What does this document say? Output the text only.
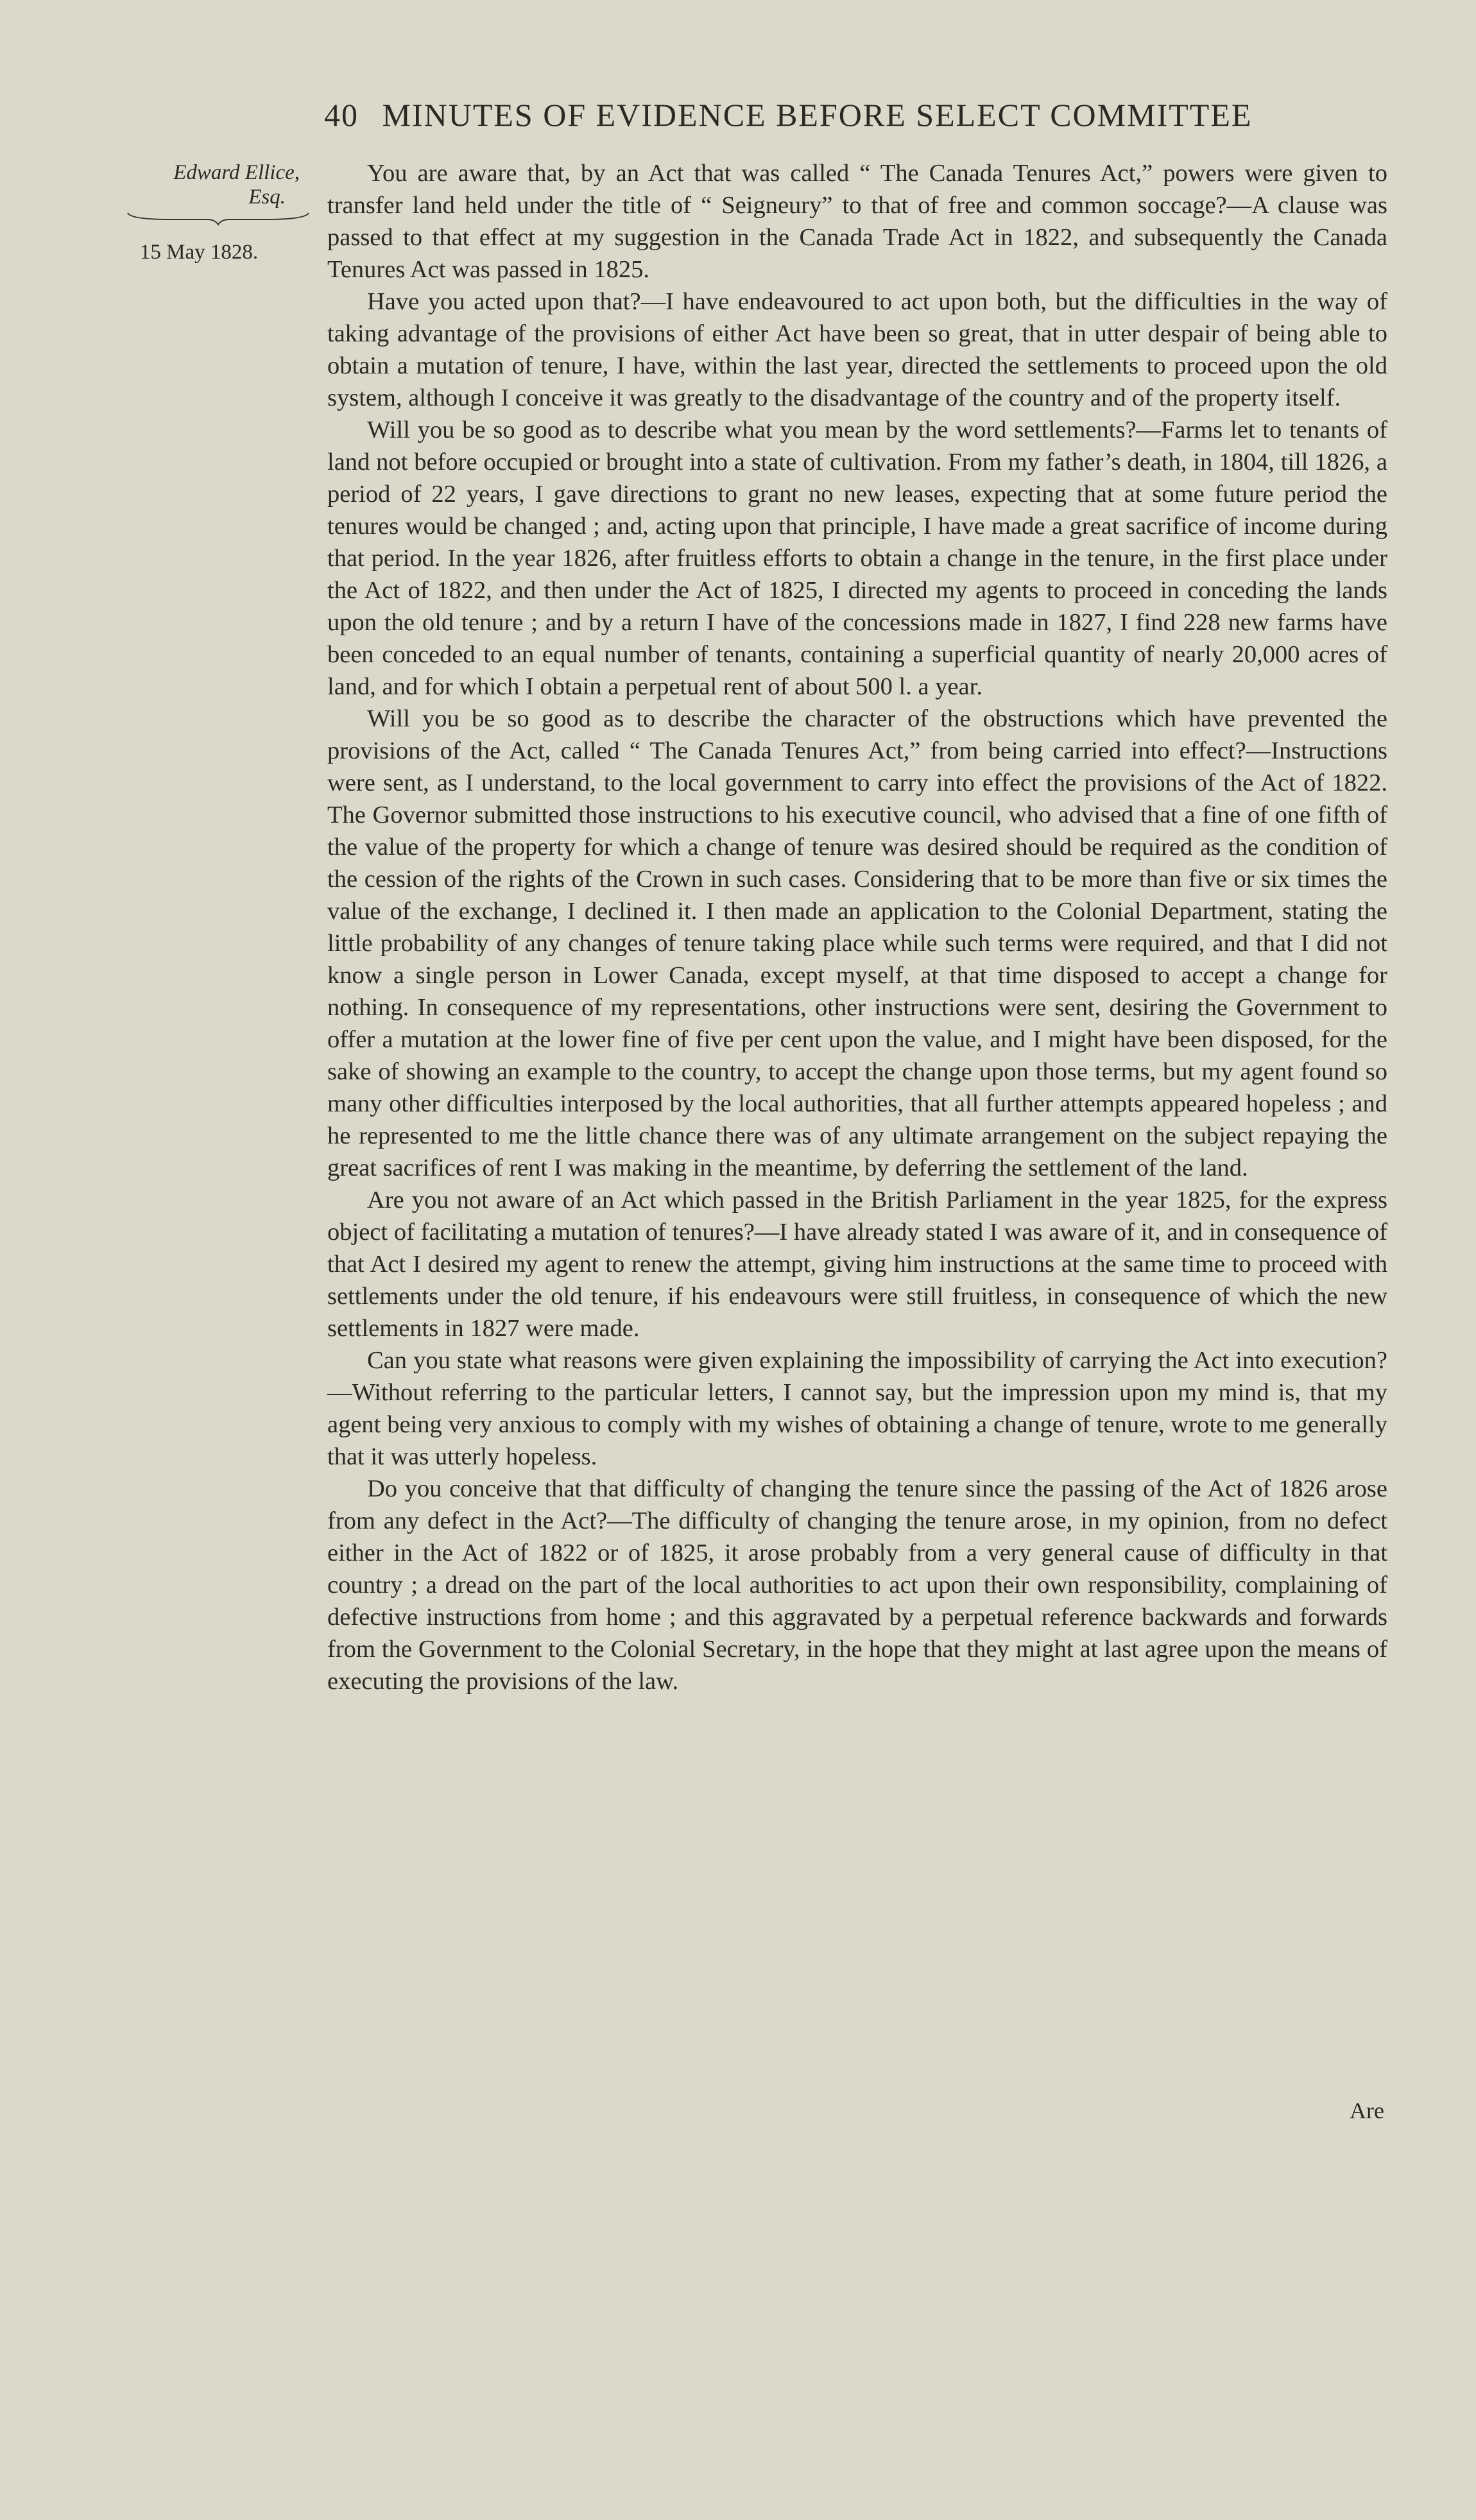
40 MINUTES OF EVIDENCE BEFORE SELECT COMMITTEE
Edward Ellice,
Esq.
15 May 1828.

You are aware that, by an Act that was called “ The Canada Tenures Act,” powers were given to transfer land held under the title of “ Seigneury” to that of free and common soccage?—A clause was passed to that effect at my suggestion in the Canada Trade Act in 1822, and subsequently the Canada Tenures Act was passed in 1825.

Have you acted upon that?—I have endeavoured to act upon both, but the difficulties in the way of taking advantage of the provisions of either Act have been so great, that in utter despair of being able to obtain a mutation of tenure, I have, within the last year, directed the settlements to proceed upon the old system, although I conceive it was greatly to the disadvantage of the country and of the property itself.

Will you be so good as to describe what you mean by the word settlements?—Farms let to tenants of land not before occupied or brought into a state of cultivation. From my father’s death, in 1804, till 1826, a period of 22 years, I gave directions to grant no new leases, expecting that at some future period the tenures would be changed ; and, acting upon that principle, I have made a great sacrifice of income during that period. In the year 1826, after fruitless efforts to obtain a change in the tenure, in the first place under the Act of 1822, and then under the Act of 1825, I directed my agents to proceed in conceding the lands upon the old tenure ; and by a return I have of the concessions made in 1827, I find 228 new farms have been conceded to an equal number of tenants, containing a superficial quantity of nearly 20,000 acres of land, and for which I obtain a perpetual rent of about 500 l. a year.

Will you be so good as to describe the character of the obstructions which have prevented the provisions of the Act, called “ The Canada Tenures Act,” from being carried into effect?—Instructions were sent, as I understand, to the local government to carry into effect the provisions of the Act of 1822. The Governor submitted those instructions to his executive council, who advised that a fine of one fifth of the value of the property for which a change of tenure was desired should be required as the condition of the cession of the rights of the Crown in such cases. Considering that to be more than five or six times the value of the exchange, I declined it. I then made an application to the Colonial Department, stating the little probability of any changes of tenure taking place while such terms were required, and that I did not know a single person in Lower Canada, except myself, at that time disposed to accept a change for nothing. In consequence of my representations, other instructions were sent, desiring the Government to offer a mutation at the lower fine of five per cent upon the value, and I might have been disposed, for the sake of showing an example to the country, to accept the change upon those terms, but my agent found so many other difficulties interposed by the local authorities, that all further attempts appeared hopeless ; and he represented to me the little chance there was of any ultimate arrangement on the subject repaying the great sacrifices of rent I was making in the meantime, by deferring the settlement of the land.

Are you not aware of an Act which passed in the British Parliament in the year 1825, for the express object of facilitating a mutation of tenures?—I have already stated I was aware of it, and in consequence of that Act I desired my agent to renew the attempt, giving him instructions at the same time to proceed with settlements under the old tenure, if his endeavours were still fruitless, in consequence of which the new settlements in 1827 were made.

Can you state what reasons were given explaining the impossibility of carrying the Act into execution?—Without referring to the particular letters, I cannot say, but the impression upon my mind is, that my agent being very anxious to comply with my wishes of obtaining a change of tenure, wrote to me generally that it was utterly hopeless.

Do you conceive that that difficulty of changing the tenure since the passing of the Act of 1826 arose from any defect in the Act?—The difficulty of changing the tenure arose, in my opinion, from no defect either in the Act of 1822 or of 1825, it arose probably from a very general cause of difficulty in that country ; a dread on the part of the local authorities to act upon their own responsibility, complaining of defective instructions from home ; and this aggravated by a perpetual reference backwards and forwards from the Government to the Colonial Secretary, in the hope that they might at last agree upon the means of executing the provisions of the law.

Are
